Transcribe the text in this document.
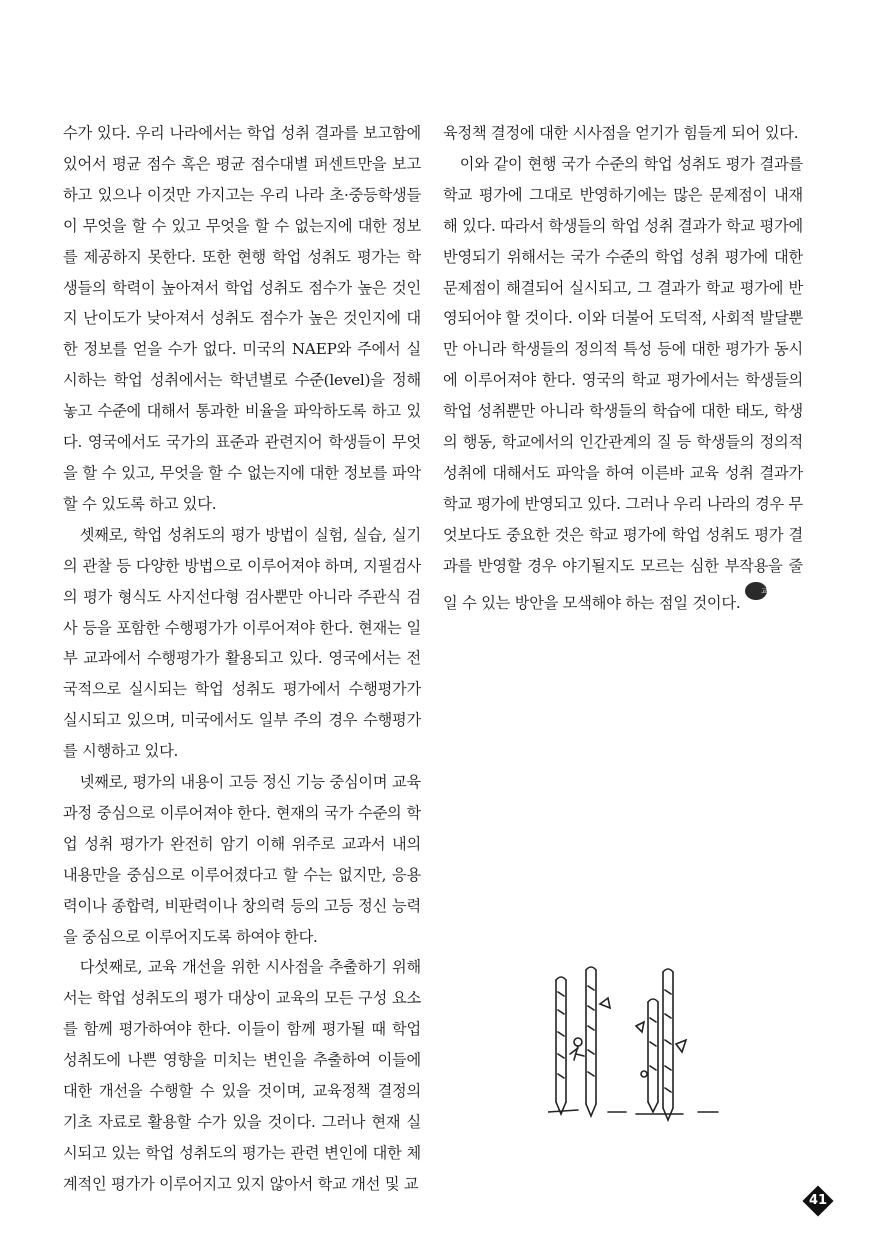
수가 있다. 우리 나라에서는 학업 성취 결과를 보고함에 있어서 평균 점수 혹은 평균 점수대별 퍼센트만을 보고하고 있으나 이것만 가지고는 우리 나라 초·중등학생들이 무엇을 할 수 있고 무엇을 할 수 없는지에 대한 정보를 제공하지 못한다. 또한 현행 학업 성취도 평가는 학생들의 학력이 높아져서 학업 성취도 점수가 높은 것인지 난이도가 낮아져서 성취도 점수가 높은 것인지에 대한 정보를 얻을 수가 없다. 미국의 NAEP와 주에서 실시하는 학업 성취에서는 학년별로 수준(level)을 정해 놓고 수준에 대해서 통과한 비율을 파악하도록 하고 있다. 영국에서도 국가의 표준과 관련지어 학생들이 무엇을 할 수 있고, 무엇을 할 수 없는지에 대한 정보를 파악할 수 있도록 하고 있다.

셋째로, 학업 성취도의 평가 방법이 실험, 실습, 실기의 관찰 등 다양한 방법으로 이루어져야 하며, 지필검사의 평가 형식도 사지선다형 검사뿐만 아니라 주관식 검사 등을 포함한 수행평가가 이루어져야 한다. 현재는 일부 교과에서 수행평가가 활용되고 있다. 영국에서는 전국적으로 실시되는 학업 성취도 평가에서 수행평가가 실시되고 있으며, 미국에서도 일부 주의 경우 수행평가를 시행하고 있다.

넷째로, 평가의 내용이 고등 정신 기능 중심이며 교육과정 중심으로 이루어져야 한다. 현재의 국가 수준의 학업 성취 평가가 완전히 암기 이해 위주로 교과서 내의 내용만을 중심으로 이루어졌다고 할 수는 없지만, 응용력이나 종합력, 비판력이나 창의력 등의 고등 정신 능력을 중심으로 이루어지도록 하여야 한다.

다섯째로, 교육 개선을 위한 시사점을 추출하기 위해서는 학업 성취도의 평가 대상이 교육의 모든 구성 요소를 함께 평가하여야 한다. 이들이 함께 평가될 때 학업 성취도에 나쁜 영향을 미치는 변인을 추출하여 이들에 대한 개선을 수행할 수 있을 것이며, 교육정책 결정의 기초 자료로 활용할 수가 있을 것이다. 그러나 현재 실시되고 있는 학업 성취도의 평가는 관련 변인에 대한 체계적인 평가가 이루어지고 있지 않아서 학교 개선 및 교

육정책 결정에 대한 시사점을 얻기가 힘들게 되어 있다.

이와 같이 현행 국가 수준의 학업 성취도 평가 결과를 학교 평가에 그대로 반영하기에는 많은 문제점이 내재해 있다. 따라서 학생들의 학업 성취 결과가 학교 평가에 반영되기 위해서는 국가 수준의 학업 성취 평가에 대한 문제점이 해결되어 실시되고, 그 결과가 학교 평가에 반영되어야 할 것이다. 이와 더불어 도덕적, 사회적 발달뿐만 아니라 학생들의 정의적 특성 등에 대한 평가가 동시에 이루어져야 한다. 영국의 학교 평가에서는 학생들의 학업 성취뿐만 아니라 학생들의 학습에 대한 태도, 학생의 행동, 학교에서의 인간관계의 질 등 학생들의 정의적 성취에 대해서도 파악을 하여 이른바 교육 성취 결과가 학교 평가에 반영되고 있다. 그러나 우리 나라의 경우 무엇보다도 중요한 것은 학교 평가에 학업 성취도 평가 결과를 반영할 경우 야기될지도 모르는 심한 부작용을 줄일 수 있는 방안을 모색해야 하는 점일 것이다.교육

41
